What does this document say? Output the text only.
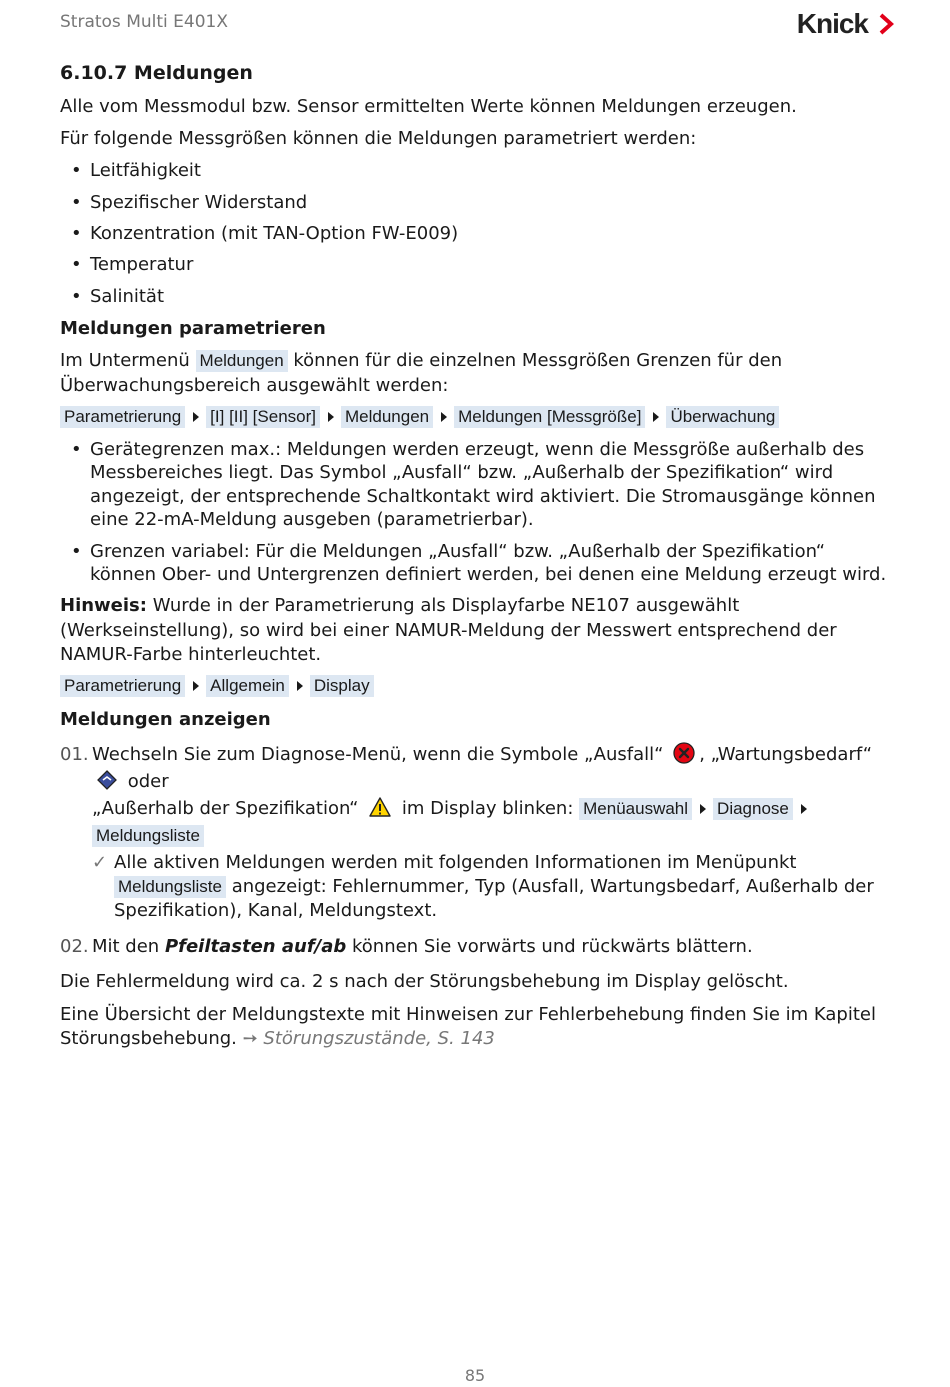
Stratos Multi E401X	Knick
6.10.7 Meldungen

Alle vom Messmodul bzw. Sensor ermittelten Werte können Meldungen erzeugen.

Für folgende Messgrößen können die Meldungen parametriert werden:

• Leitfähigkeit
• Spezifischer Widerstand
• Konzentration (mit TAN-Option FW-E009)
• Temperatur
• Salinität
Meldungen parametrieren

Im Untermenü Meldungen können für die einzelnen Messgrößen Grenzen für den Überwachungsbereich ausgewählt werden:

Parametrierung [I] [II] [Sensor] Meldungen Meldungen [Messgröße] Überwachung
• Gerätegrenzen max.: Meldungen werden erzeugt, wenn die Messgröße außerhalb des Messbereiches liegt. Das Symbol „Ausfall“ bzw. „Außerhalb der Spezifikation“ wird angezeigt, der entsprechende Schaltkontakt wird aktiviert. Die Stromausgänge können eine 22-mA-Meldung ausgeben (parametrierbar).
• Grenzen variabel: Für die Meldungen „Ausfall“ bzw. „Außerhalb der Spezifikation“ können Ober- und Untergrenzen definiert werden, bei denen eine Meldung erzeugt wird.

Hinweis: Wurde in der Parametrierung als Displayfarbe NE107 ausgewählt (Werkseinstellung), so wird bei einer NAMUR-Meldung der Messwert entsprechend der NAMUR-Farbe hinterleuchtet.

Parametrierung Allgemein Display
Meldungen anzeigen
01. Wechseln Sie zum Diagnose-Menü, wenn die Symbole „Ausfall“ , „Wartungsbedarf“  oder
„Außerhalb der Spezifikation“ im Display blinken: Menüauswahl DiagnoseMeldungsliste
✓ Alle aktiven Meldungen werden mit folgenden Informationen im Menüpunkt Meldungsliste angezeigt: Fehlernummer, Typ (Ausfall, Wartungsbedarf, Außerhalb der Spezifikation), Kanal, Meldungstext.
02. Mit den Pfeiltasten auf/ab können Sie vorwärts und rückwärts blättern.

Die Fehlermeldung wird ca. 2 s nach der Störungsbehebung im Display gelöscht.

Eine Übersicht der Meldungstexte mit Hinweisen zur Fehlerbehebung finden Sie im Kapitel Störungsbehebung. ➙ Störungszustände, S. 143

85
